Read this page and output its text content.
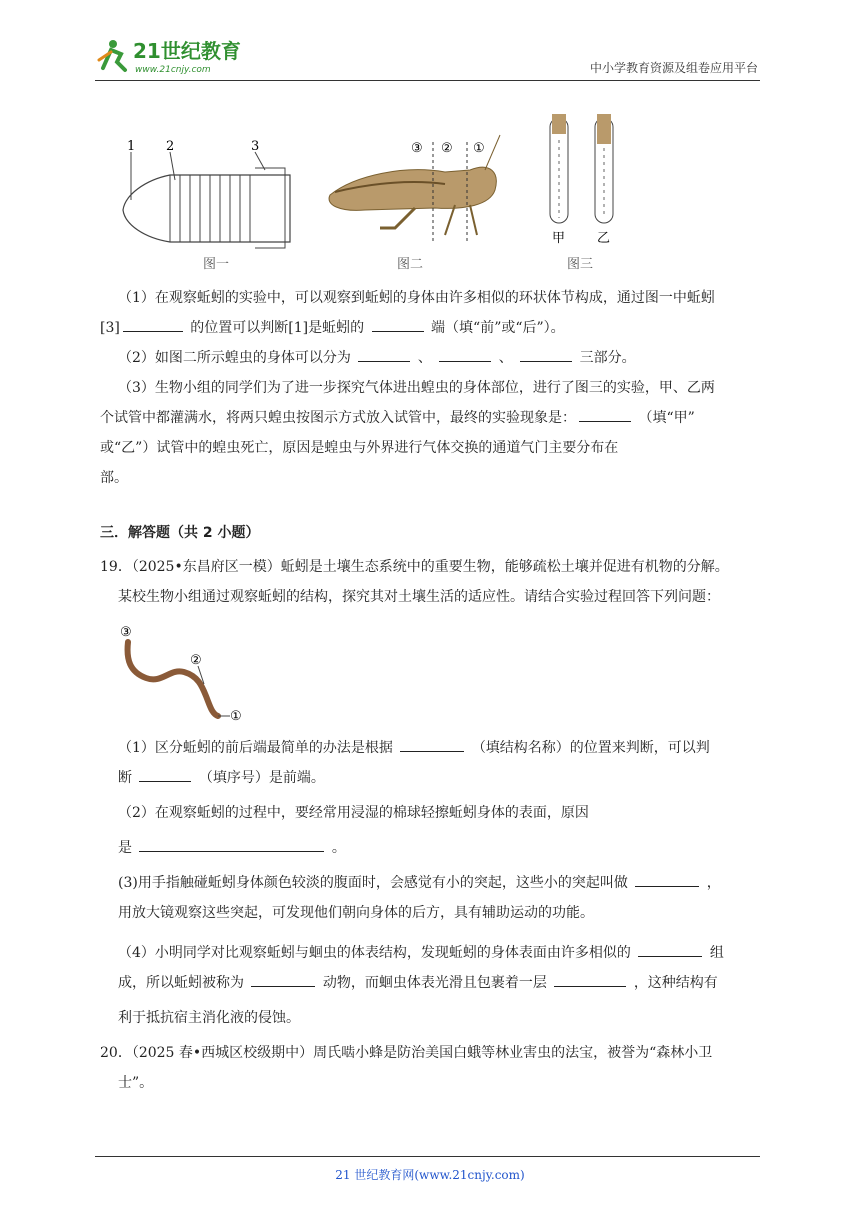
21世纪教育
www.21cnjy.com	中小学教育资源及组卷应用平台
1 2	3
图一
③ ② ①
图二
甲 乙
图三

（1）在观察蚯蚓的实验中，可以观察到蚯蚓的身体由许多相似的环状体节构成，通过图一中蚯蚓

[3]	的位置可以判断[1]是蚯蚓的	端（填“前”或“后”）。

（2）如图二所示蝗虫的身体可以分为	、	、	三部分。

（3）生物小组的同学们为了进一步探究气体进出蝗虫的身体部位，进行了图三的实验，甲、乙两

个试管中都灌满水，将两只蝗虫按图示方式放入试管中，最终的实验现象是：	（填“甲”

或“乙”）试管中的蝗虫死亡，原因是蝗虫与外界进行气体交换的通道气门主要分布在

部。

三．解答题（共 2 小题）

19．（2025•东昌府区一模）蚯蚓是土壤生态系统中的重要生物，能够疏松土壤并促进有机物的分解。

某校生物小组通过观察蚯蚓的结构，探究其对土壤生活的适应性。请结合实验过程回答下列问题：

③
②
①

（1）区分蚯蚓的前后端最简单的办法是根据	（填结构名称）的位置来判断，可以判

断	（填序号）是前端。

（2）在观察蚯蚓的过程中，要经常用浸湿的棉球轻擦蚯蚓身体的表面，原因

是	。

(3)用手指触碰蚯蚓身体颜色较淡的腹面时，会感觉有小的突起，这些小的突起叫做	，

用放大镜观察这些突起，可发现他们朝向身体的后方，具有辅助运动的功能。

（4）小明同学对比观察蚯蚓与蛔虫的体表结构，发现蚯蚓的身体表面由许多相似的	组

成，所以蚯蚓被称为	动物，而蛔虫体表光滑且包裹着一层	，这种结构有

利于抵抗宿主消化液的侵蚀。

20．（2025 春•西城区校级期中）周氏啮小蜂是防治美国白蛾等林业害虫的法宝，被誉为“森林小卫

士”。

21 世纪教育网(www.21cnjy.com)
